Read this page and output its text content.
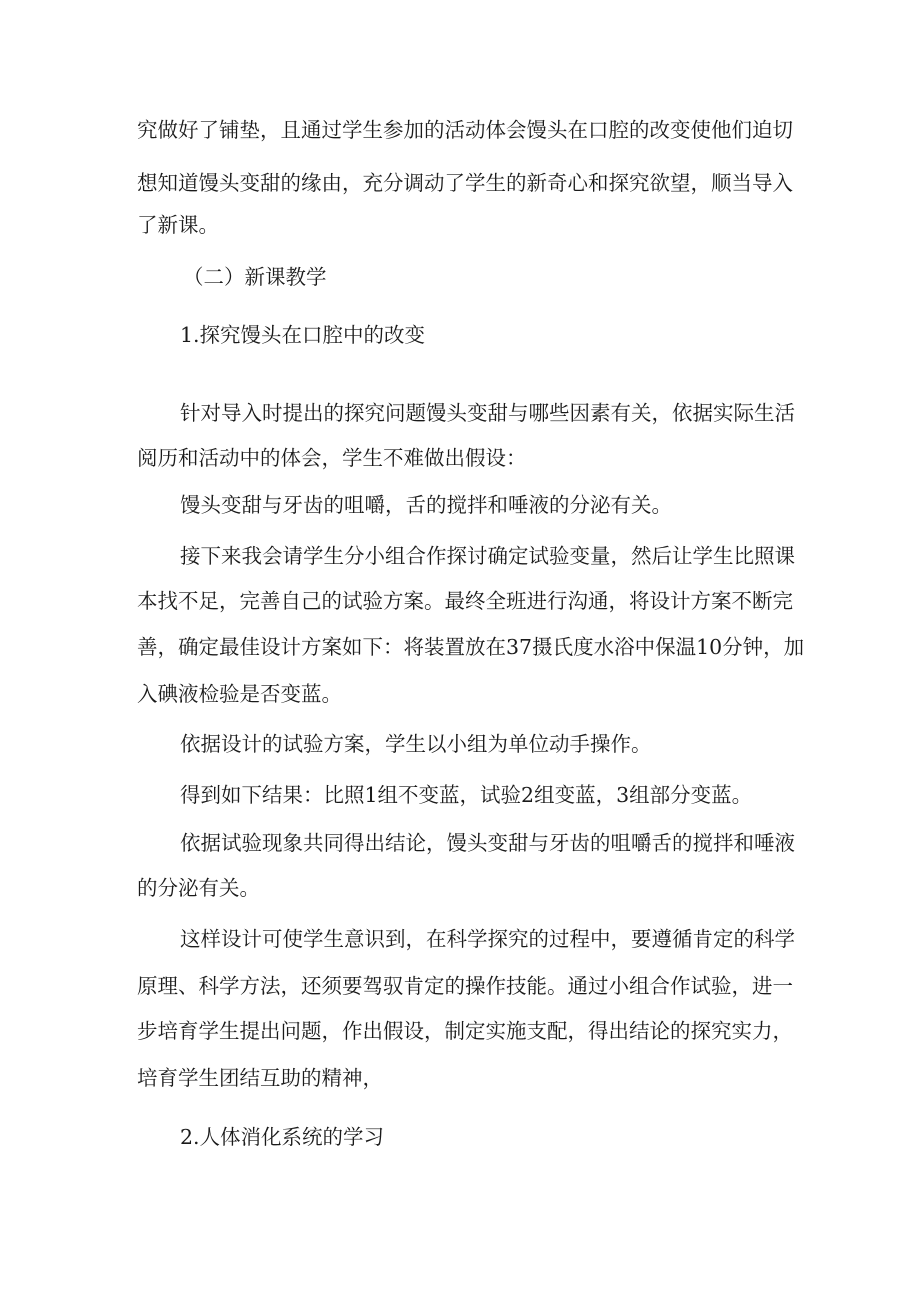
究做好了铺垫，且通过学生参加的活动体会馒头在口腔的改变使他们迫切

想知道馒头变甜的缘由，充分调动了学生的新奇心和探究欲望，顺当导入

了新课。

（二）新课教学

1.探究馒头在口腔中的改变

针对导入时提出的探究问题馒头变甜与哪些因素有关，依据实际生活

阅历和活动中的体会，学生不难做出假设：

馒头变甜与牙齿的咀嚼，舌的搅拌和唾液的分泌有关。

接下来我会请学生分小组合作探讨确定试验变量，然后让学生比照课

本找不足，完善自己的试验方案。最终全班进行沟通，将设计方案不断完

善，确定最佳设计方案如下：将装置放在37摄氏度水浴中保温10分钟，加

入碘液检验是否变蓝。

依据设计的试验方案，学生以小组为单位动手操作。

得到如下结果：比照1组不变蓝，试验2组变蓝，3组部分变蓝。

依据试验现象共同得出结论，馒头变甜与牙齿的咀嚼舌的搅拌和唾液

的分泌有关。

这样设计可使学生意识到，在科学探究的过程中，要遵循肯定的科学

原理、科学方法，还须要驾驭肯定的操作技能。通过小组合作试验，进一

步培育学生提出问题，作出假设，制定实施支配，得出结论的探究实力，

培育学生团结互助的精神，

2.人体消化系统的学习
